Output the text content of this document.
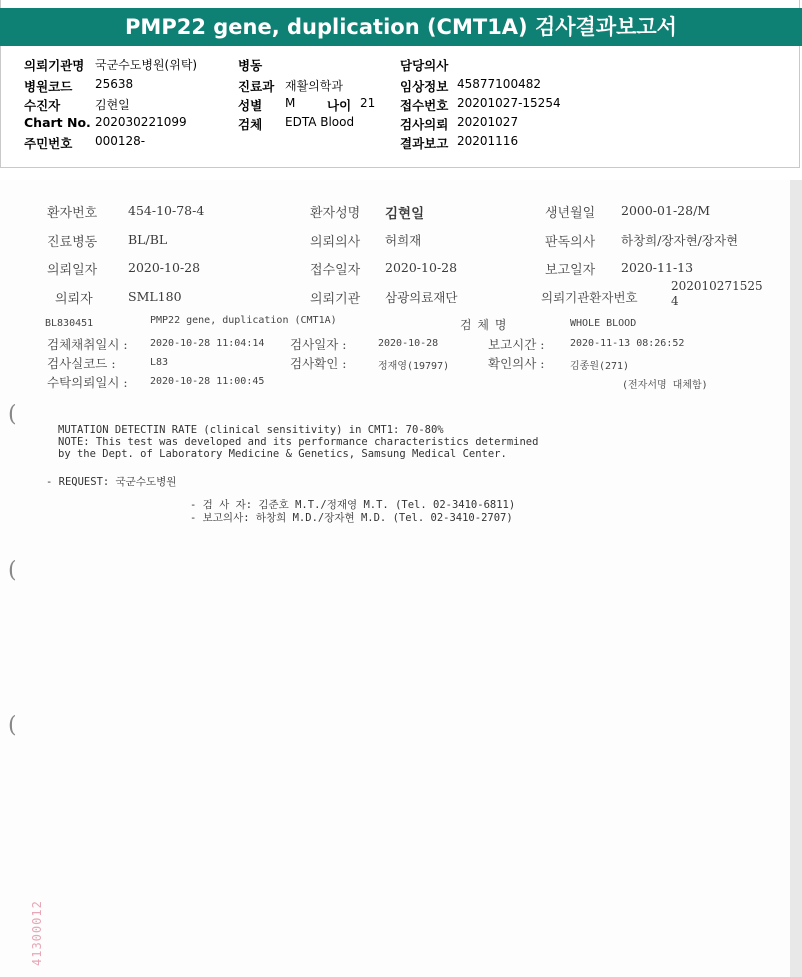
PMP22 gene, duplication (CMT1A) 검사결과보고서
의뢰기관명 국군수도병원(위탁)
병원코드 25638
수진자	김현일
Chart No. 202030221099
주민번호 000128-
병동
진료과 재활의학과
성별 M	나이 21
검체 EDTA Blood
담당의사
임상정보 45877100482
접수번호 20201027-15254
검사의뢰 20201027
결과보고 20201116
환자번호 454-10-78-4	환자성명 김현일	생년월일 2000-01-28/M
진료병동 BL/BL	의뢰의사 허희재	판독의사 하창희/장자현/장자현
의뢰일자 2020-10-28	접수일자 2020-10-28	보고일자 2020-11-13
의뢰자	SML180	의뢰기관 삼광의료재단	의뢰기관환자번호
202010271525
4
BL830451	PMP22 gene, duplication (CMT1A)	검 체 명	WHOLE BLOOD
검체채취일시 : 2020-10-28 11:04:14 검사일자 :	2020-10-28	보고시간 :	2020-11-13 08:26:52
검사실코드 :	L83	검사확인 :	정재영(19797)	확인의사 :	김종원(271)
수탁의뢰일시 : 2020-10-28 11:00:45	(전자서명 대체함)
(
(
(
MUTATION DETECTIN RATE (clinical sensitivity) in CMT1: 70-80%
NOTE: This test was developed and its performance characteristics determined
by the Dept. of Laboratory Medicine & Genetics, Samsung Medical Center.
- REQUEST: 국군수도병원
- 검 사 자: 김준호 M.T./정재영 M.T. (Tel. 02-3410-6811)
- 보고의사: 하창희 M.D./장자현 M.D. (Tel. 02-3410-2707)
41300012
